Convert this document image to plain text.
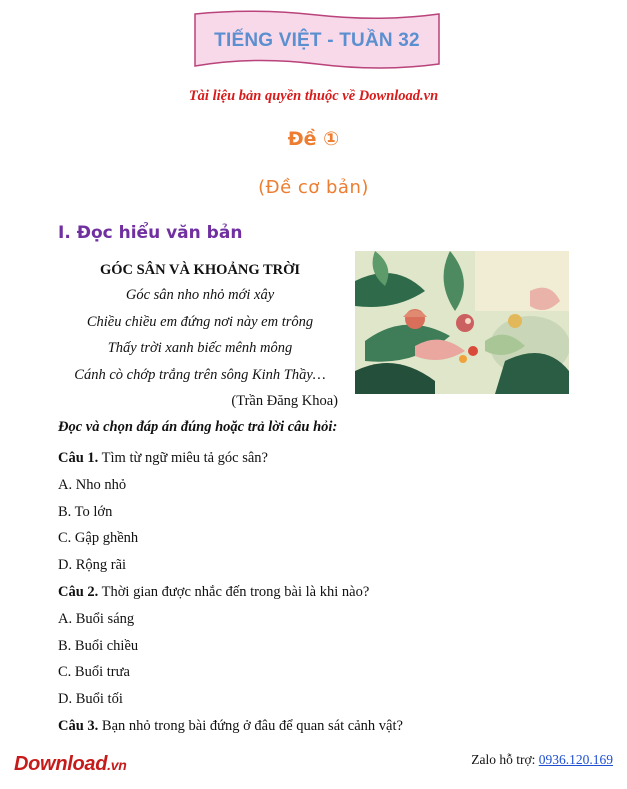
TIẾNG VIỆT - TUẦN 32
Tài liệu bản quyền thuộc về Download.vn
Đề ①
(Đề cơ bản)
I. Đọc hiểu văn bản
GÓC SÂN VÀ KHOẢNG TRỜI
Góc sân nho nhỏ mới xây
Chiều chiều em đứng nơi này em trông
Thấy trời xanh biếc mênh mông
Cánh cò chớp trắng trên sông Kinh Thầy…
(Trần Đăng Khoa)
Đọc và chọn đáp án đúng hoặc trả lời câu hỏi:
Câu 1. Tìm từ ngữ miêu tả góc sân?
A. Nho nhỏ
B. To lớn
C. Gập ghềnh
D. Rộng rãi
Câu 2. Thời gian được nhắc đến trong bài là khi nào?
A. Buổi sáng
B. Buổi chiều
C. Buổi trưa
D. Buổi tối
Câu 3. Bạn nhỏ trong bài đứng ở đâu để quan sát cảnh vật?
Download.vn	Zalo hỗ trợ: 0936.120.169
